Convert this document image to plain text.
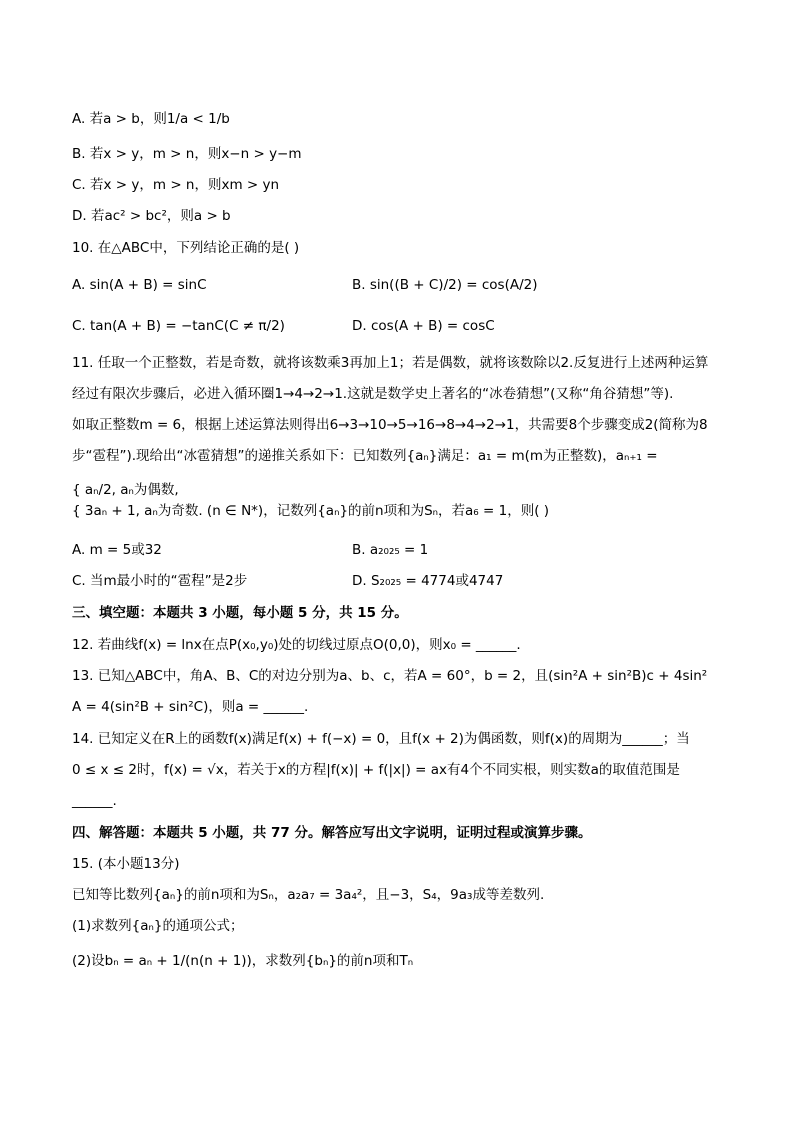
A. 若a > b，则1/a < 1/b
B. 若x > y，m > n，则x−n > y−m
C. 若x > y，m > n，则xm > yn
D. 若ac² > bc²，则a > b
10. 在△ABC中，下列结论正确的是( )
A. sin(A + B) = sinC	B. sin((B + C)/2) = cos(A/2)
C. tan(A + B) = −tanC(C ≠ π/2)	D. cos(A + B) = cosC
11. 任取一个正整数，若是奇数，就将该数乘3再加上1；若是偶数，就将该数除以2.反复进行上述两种运算
经过有限次步骤后，必进入循环圈1→4→2→1.这就是数学史上著名的“冰卷猜想”(又称“角谷猜想”等).
如取正整数m = 6，根据上述运算法则得出6→3→10→5→16→8→4→2→1，共需要8个步骤变成2(简称为8
步“雹程”).现给出“冰雹猜想”的递推关系如下：已知数列{aₙ}满足：a₁ = m(m为正整数)，aₙ₊₁ =
{ aₙ/2, aₙ为偶数,
{ 3aₙ + 1, aₙ为奇数. (n ∈ N*)，记数列{aₙ}的前n项和为Sₙ，若a₆ = 1，则( )
A. m = 5或32	B. a₂₀₂₅ = 1
C. 当m最小时的“雹程”是2步	D. S₂₀₂₅ = 4774或4747
三、填空题：本题共 3 小题，每小题 5 分，共 15 分。
12. 若曲线f(x) = lnx在点P(x₀,y₀)处的切线过原点O(0,0)，则x₀ = ______.
13. 已知△ABC中，角A、B、C的对边分别为a、b、c，若A = 60°，b = 2，且(sin²A + sin²B)c + 4sin²
A = 4(sin²B + sin²C)，则a = ______.
14. 已知定义在R上的函数f(x)满足f(x) + f(−x) = 0，且f(x + 2)为偶函数，则f(x)的周期为______；当
0 ≤ x ≤ 2时，f(x) = √x，若关于x的方程|f(x)| + f(|x|) = ax有4个不同实根，则实数a的取值范围是
______.
四、解答题：本题共 5 小题，共 77 分。解答应写出文字说明，证明过程或演算步骤。
15. (本小题13分)
已知等比数列{aₙ}的前n项和为Sₙ，a₂a₇ = 3a₄²，且−3，S₄，9a₃成等差数列.
(1)求数列{aₙ}的通项公式；
(2)设bₙ = aₙ + 1/(n(n + 1))，求数列{bₙ}的前n项和Tₙ
